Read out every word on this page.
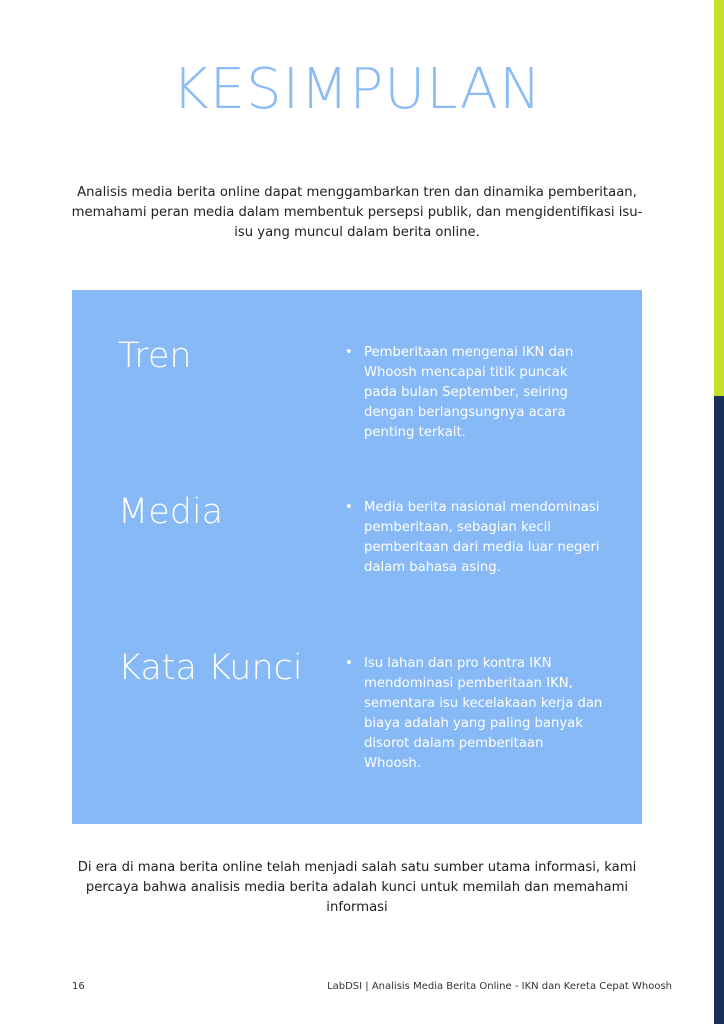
KESIMPULAN

Analisis media berita online dapat menggambarkan tren dan dinamika pemberitaan, memahami peran media dalam membentuk persepsi publik, dan mengidentifikasi isu-isu yang muncul dalam berita online.

Tren	• Pemberitaan mengenai IKN dan Whoosh mencapai titik puncak pada bulan September, seiring dengan berlangsungnya acara penting terkait.
Media	• Media berita nasional mendominasi pemberitaan, sebagian kecil pemberitaan dari media luar negeri dalam bahasa asing.
Kata Kunci	• Isu lahan dan pro kontra IKN mendominasi pemberitaan IKN, sementara isu kecelakaan kerja dan biaya adalah yang paling banyak disorot dalam pemberitaan Whoosh.

Di era di mana berita online telah menjadi salah satu sumber utama informasi, kami percaya bahwa analisis media berita adalah kunci untuk memilah dan memahami informasi

16	LabDSI | Analisis Media Berita Online - IKN dan Kereta Cepat Whoosh
